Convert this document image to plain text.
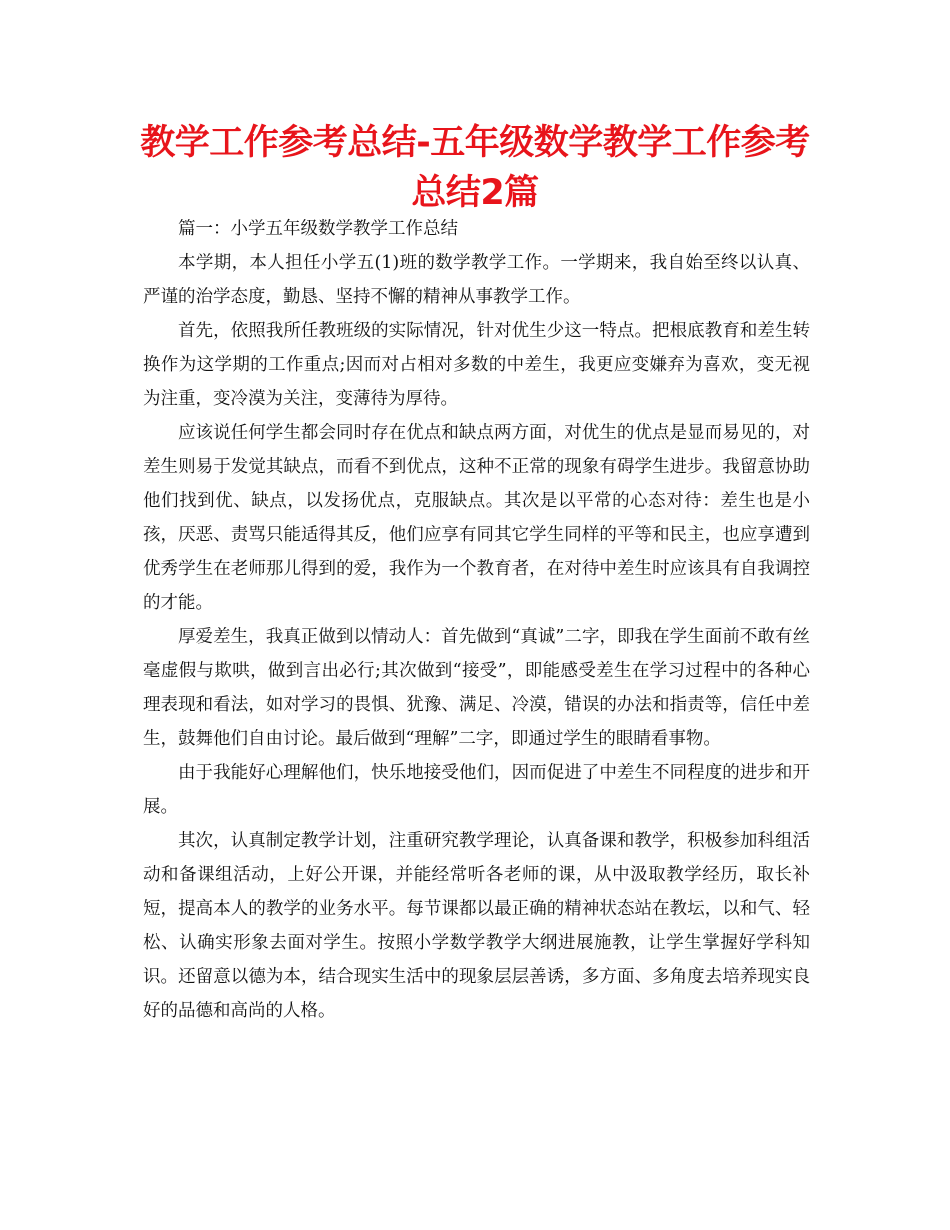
教学工作参考总结-五年级数学教学工作参考总结2篇

篇一：小学五年级数学教学工作总结

本学期，本人担任小学五(1)班的数学教学工作。一学期来，我自始至终以认真、严谨的治学态度，勤恳、坚持不懈的精神从事教学工作。

首先，依照我所任教班级的实际情况，针对优生少这一特点。把根底教育和差生转换作为这学期的工作重点;因而对占相对多数的中差生，我更应变嫌弃为喜欢，变无视为注重，变冷漠为关注，变薄待为厚待。

应该说任何学生都会同时存在优点和缺点两方面，对优生的优点是显而易见的，对差生则易于发觉其缺点，而看不到优点，这种不正常的现象有碍学生进步。我留意协助他们找到优、缺点，以发扬优点，克服缺点。其次是以平常的心态对待：差生也是小孩，厌恶、责骂只能适得其反，他们应享有同其它学生同样的平等和民主，也应享遭到优秀学生在老师那儿得到的爱，我作为一个教育者，在对待中差生时应该具有自我调控的才能。

厚爱差生，我真正做到以情动人：首先做到“真诚”二字，即我在学生面前不敢有丝毫虚假与欺哄，做到言出必行;其次做到“接受”，即能感受差生在学习过程中的各种心理表现和看法，如对学习的畏惧、犹豫、满足、冷漠，错误的办法和指责等，信任中差生，鼓舞他们自由讨论。最后做到“理解”二字，即通过学生的眼睛看事物。

由于我能好心理解他们，快乐地接受他们，因而促进了中差生不同程度的进步和开展。

其次，认真制定教学计划，注重研究教学理论，认真备课和教学，积极参加科组活动和备课组活动，上好公开课，并能经常听各老师的课，从中汲取教学经历，取长补短，提高本人的教学的业务水平。每节课都以最正确的精神状态站在教坛，以和气、轻松、认确实形象去面对学生。按照小学数学教学大纲进展施教，让学生掌握好学科知识。还留意以德为本，结合现实生活中的现象层层善诱，多方面、多角度去培养现实良好的品德和高尚的人格。
